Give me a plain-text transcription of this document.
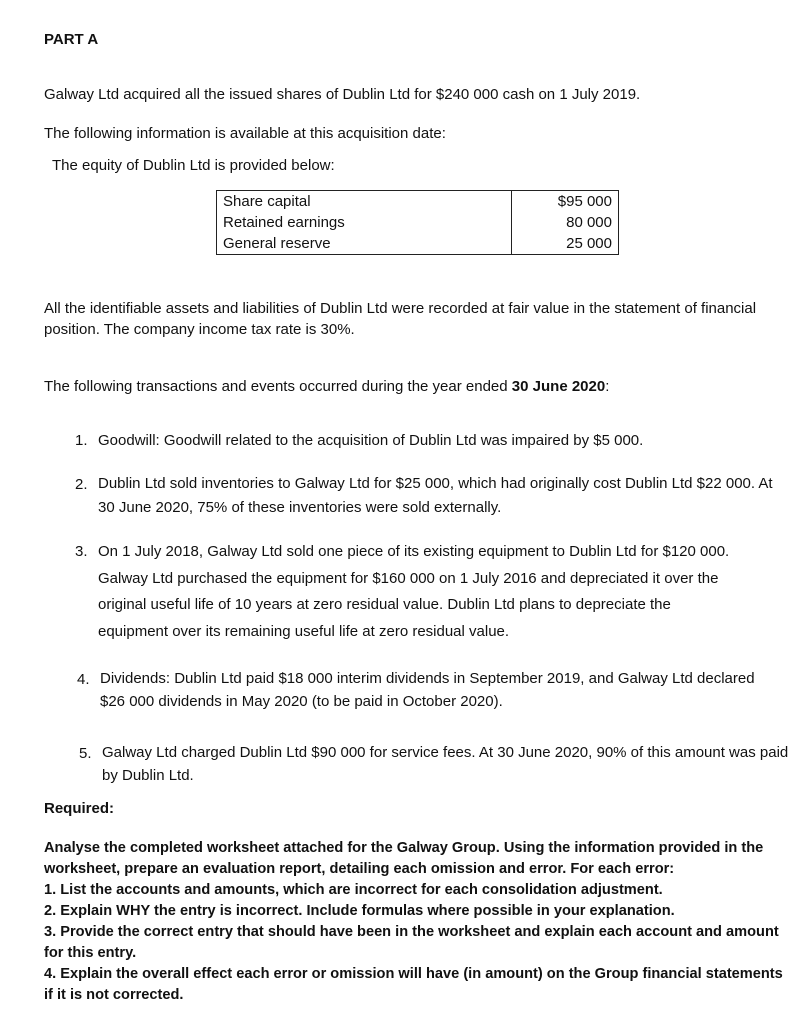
PART A
Galway Ltd acquired all the issued shares of Dublin Ltd for $240 000 cash on 1 July 2019.
The following information is available at this acquisition date:
The equity of Dublin Ltd is provided below:
Share capital	$95 000
Retained earnings	80 000
General reserve	25 000
All the identifiable assets and liabilities of Dublin Ltd were recorded at fair value in the statement of financial position. The company income tax rate is 30%.
The following transactions and events occurred during the year ended 30 June 2020:
1. Goodwill: Goodwill related to the acquisition of Dublin Ltd was impaired by $5 000.
2. Dublin Ltd sold inventories to Galway Ltd for $25 000, which had originally cost Dublin Ltd $22 000. At 30 June 2020, 75% of these inventories were sold externally.
3. On 1 July 2018, Galway Ltd sold one piece of its existing equipment to Dublin Ltd for $120 000. Galway Ltd purchased the equipment for $160 000 on 1 July 2016 and depreciated it over the original useful life of 10 years at zero residual value. Dublin Ltd plans to depreciate the equipment over its remaining useful life at zero residual value.
4. Dividends: Dublin Ltd paid $18 000 interim dividends in September 2019, and Galway Ltd declared $26 000 dividends in May 2020 (to be paid in October 2020).
5. Galway Ltd charged Dublin Ltd $90 000 for service fees. At 30 June 2020, 90% of this amount was paid by Dublin Ltd.
Required:
Analyse the completed worksheet attached for the Galway Group. Using the information provided in the worksheet, prepare an evaluation report, detailing each omission and error. For each error:
1. List the accounts and amounts, which are incorrect for each consolidation adjustment.
2. Explain WHY the entry is incorrect. Include formulas where possible in your explanation.
3. Provide the correct entry that should have been in the worksheet and explain each account and amount for this entry.
4. Explain the overall effect each error or omission will have (in amount) on the Group financial statements if it is not corrected.
